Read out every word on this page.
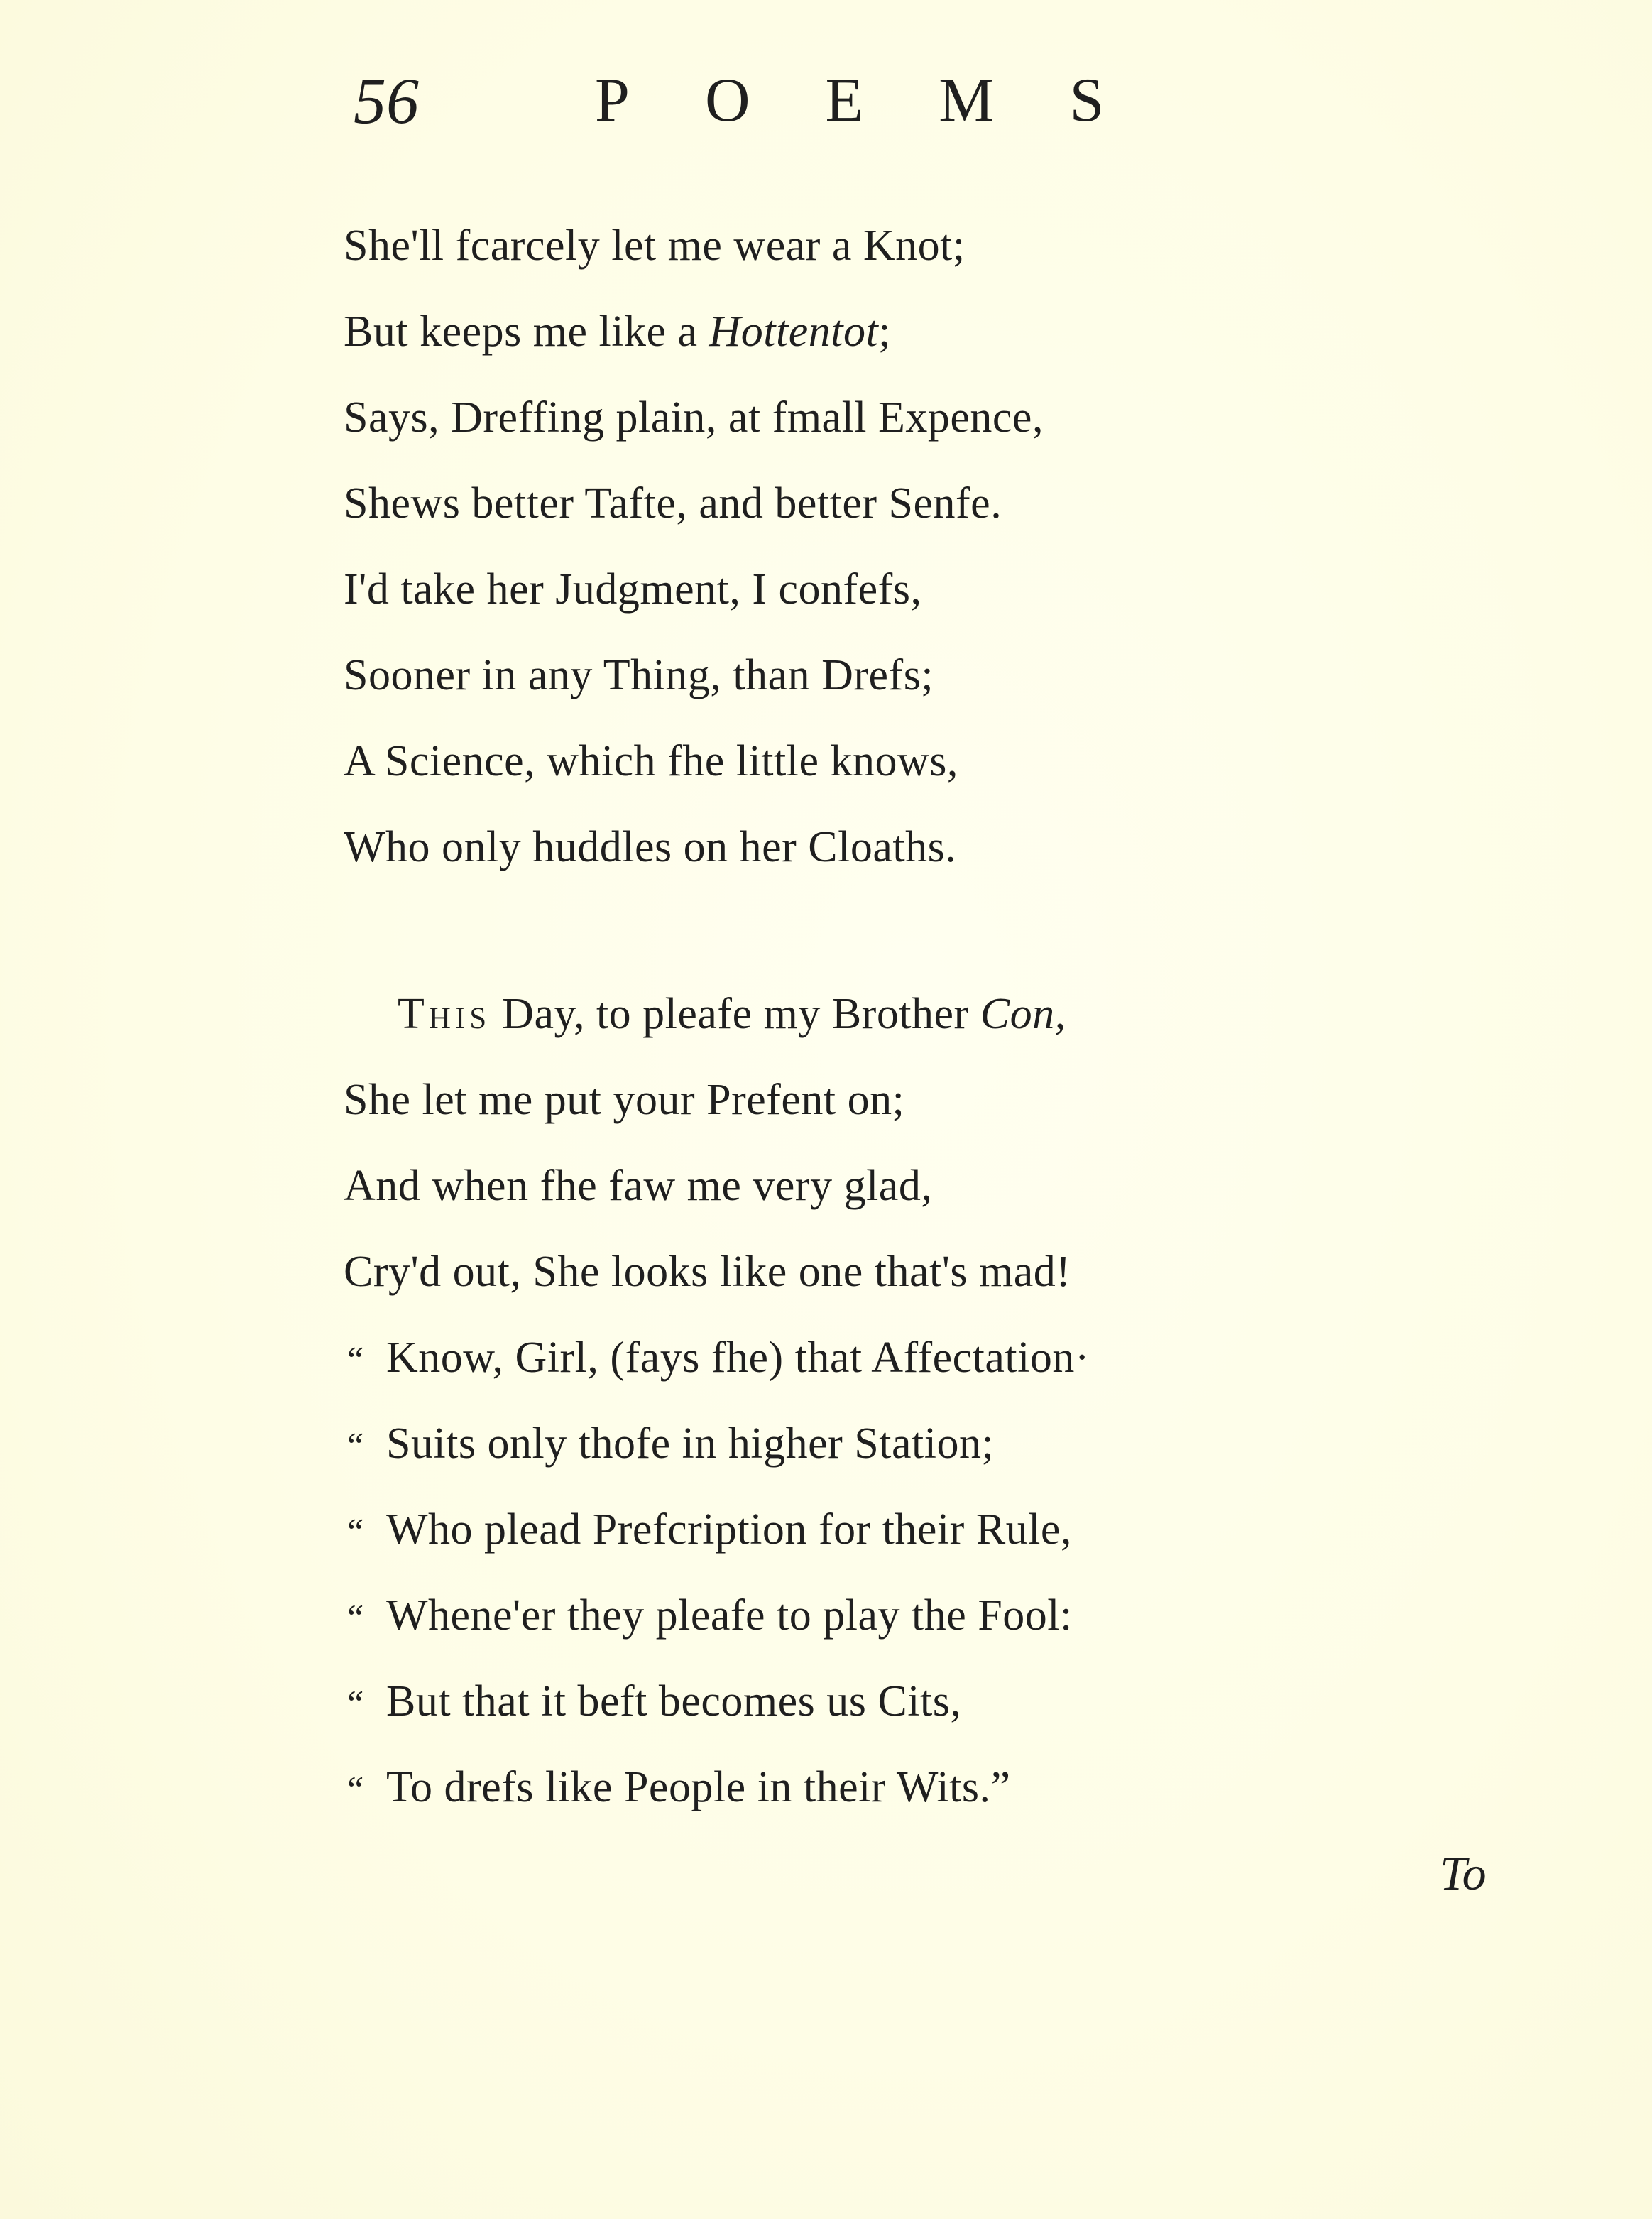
56	POEMS
She'll fcarcely let me wear a Knot;
But keeps me like a Hottentot;
Says, Dreffing plain, at fmall Expence,
Shews better Tafte, and better Senfe.
I'd take her Judgment, I confefs,
Sooner in any Thing, than Drefs;
A Science, which fhe little knows,
Who only huddles on her Cloaths.
This Day, to pleafe my Brother Con,
She let me put your Prefent on;
And when fhe faw me very glad,
Cry'd out, She looks like one that's mad!
“ Know, Girl, (fays fhe) that Affectation·
“ Suits only thofe in higher Station;
“ Who plead Prefcription for their Rule,
“ Whene'er they pleafe to play the Fool:
“ But that it beft becomes us Cits,
“ To drefs like People in their Wits.”
To
